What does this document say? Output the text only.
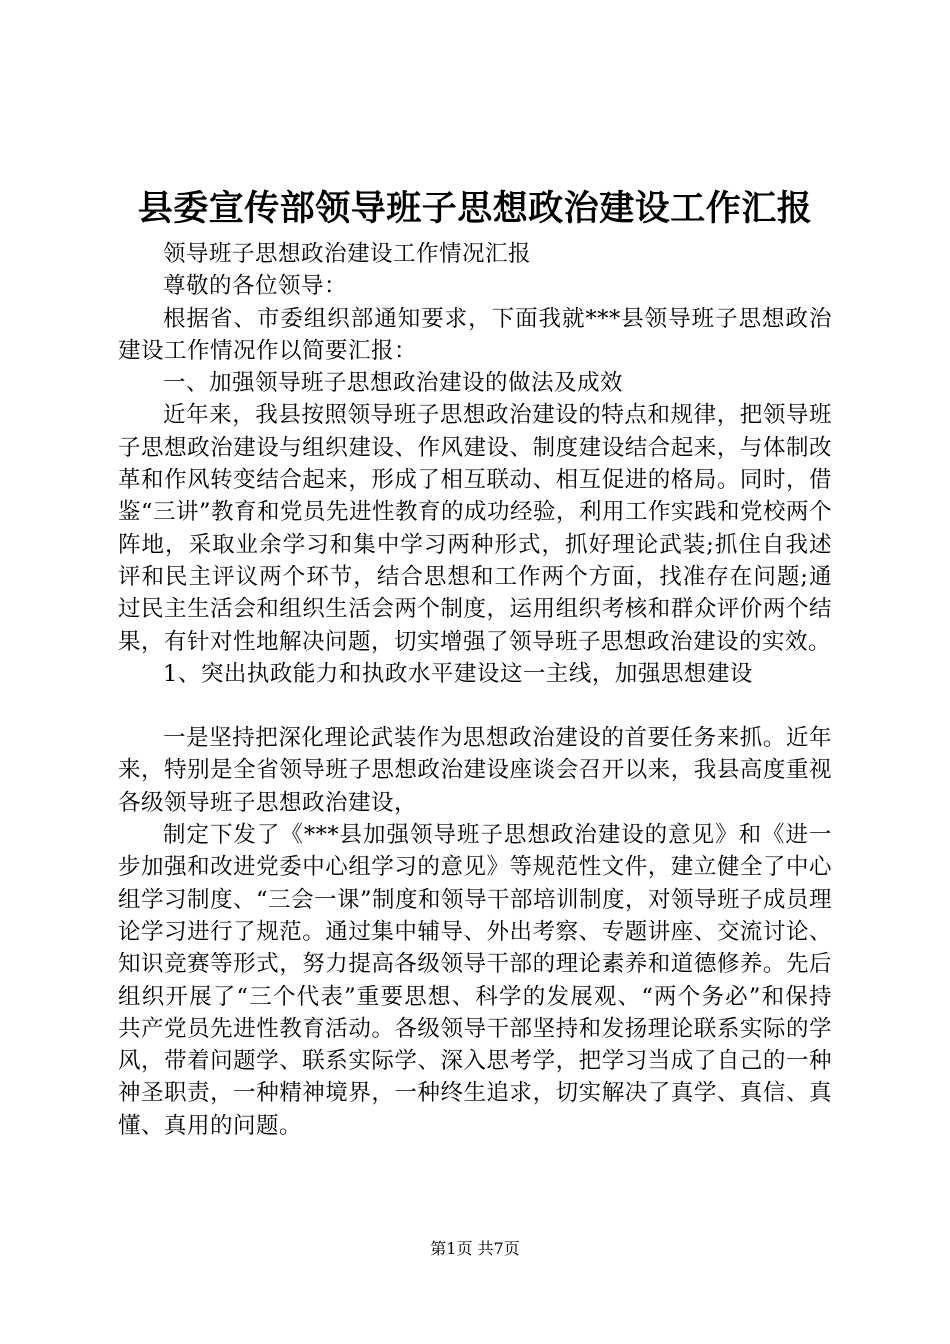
县委宣传部领导班子思想政治建设工作汇报

领导班子思想政治建设工作情况汇报

尊敬的各位领导：

根据省、市委组织部通知要求，下面我就***县领导班子思想政治建设工作情况作以简要汇报：

一、加强领导班子思想政治建设的做法及成效

近年来，我县按照领导班子思想政治建设的特点和规律，把领导班子思想政治建设与组织建设、作风建设、制度建设结合起来，与体制改革和作风转变结合起来，形成了相互联动、相互促进的格局。同时，借鉴“三讲”教育和党员先进性教育的成功经验，利用工作实践和党校两个阵地，采取业余学习和集中学习两种形式，抓好理论武装;抓住自我述评和民主评议两个环节，结合思想和工作两个方面，找准存在问题;通过民主生活会和组织生活会两个制度，运用组织考核和群众评价两个结果，有针对性地解决问题，切实增强了领导班子思想政治建设的实效。

1、突出执政能力和执政水平建设这一主线，加强思想建设

一是坚持把深化理论武装作为思想政治建设的首要任务来抓。近年来，特别是全省领导班子思想政治建设座谈会召开以来，我县高度重视各级领导班子思想政治建设，

制定下发了《***县加强领导班子思想政治建设的意见》和《进一步加强和改进党委中心组学习的意见》等规范性文件，建立健全了中心组学习制度、“三会一课”制度和领导干部培训制度，对领导班子成员理论学习进行了规范。通过集中辅导、外出考察、专题讲座、交流讨论、知识竞赛等形式，努力提高各级领导干部的理论素养和道德修养。先后组织开展了“三个代表”重要思想、科学的发展观、“两个务必”和保持共产党员先进性教育活动。各级领导干部坚持和发扬理论联系实际的学风，带着问题学、联系实际学、深入思考学，把学习当成了自己的一种神圣职责，一种精神境界，一种终生追求，切实解决了真学、真信、真懂、真用的问题。

第1页 共7页
